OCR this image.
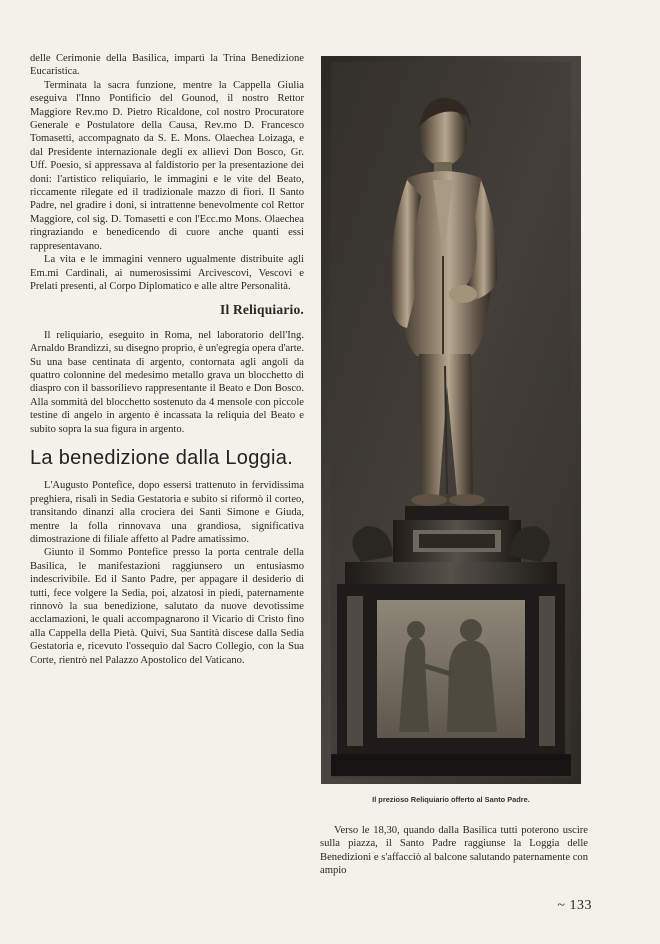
delle Cerimonie della Basilica, impartì la Trina Benedizione Eucaristica.

Terminata la sacra funzione, mentre la Cappella Giulia eseguiva l'Inno Pontificio del Gounod, il nostro Rettor Maggiore Rev.mo D. Pietro Ricaldone, col nostro Procuratore Generale e Postulatore della Causa, Rev.mo D. Francesco Tomasetti, accompagnato da S. E. Mons. Olaechea Loizaga, e dal Presidente internazionale degli ex allievi Don Bosco, Gr. Uff. Poesio, si appressava al faldistorio per la presentazione dei doni: l'artistico reliquiario, le immagini e le vite del Beato, riccamente rilegate ed il tradizionale mazzo di fiori. Il Santo Padre, nel gradire i doni, si intrattenne benevolmente col Rettor Maggiore, col sig. D. Tomasetti e con l'Ecc.mo Mons. Olaechea ringraziando e benedicendo di cuore anche quanti essi rappresentavano.

La vita e le immagini vennero ugualmente distribuite agli Em.mi Cardinali, ai numerosissimi Arcivescovi, Vescovi e Prelati presenti, al Corpo Diplomatico e alle altre Personalità.

Il Reliquiario.

Il reliquiario, eseguito in Roma, nel laboratorio dell'Ing. Arnaldo Brandizzi, su disegno proprio, è un'egregia opera d'arte. Su una base centinata di argento, contornata agli angoli da quattro colonnine del medesimo metallo grava un blocchetto di diaspro con il bassorilievo rappresentante il Beato e Don Bosco. Alla sommità del blocchetto sostenuto da 4 mensole con piccole testine di angelo in argento è incassata la reliquia del Beato e subito sopra la sua figura in argento.

La benedizione dalla Loggia.

L'Augusto Pontefice, dopo essersi trattenuto in fervidissima preghiera, risalì in Sedia Gestatoria e subito si riformò il corteo, transitando dinanzi alla crociera dei Santi Simone e Giuda, mentre la folla rinnovava una grandiosa, significativa dimostrazione di filiale affetto al Padre amatissimo.

Giunto il Sommo Pontefice presso la porta centrale della Basilica, le manifestazioni raggiunsero un entusiasmo indescrivibile. Ed il Santo Padre, per appagare il desiderio di tutti, fece volgere la Sedia, poi, alzatosi in piedi, paternamente rinnovò la sua benedizione, salutato da nuove devotissime acclamazioni, le quali accompagnarono il Vicario di Cristo fino alla Cappella della Pietà. Quivi, Sua Santità discese dalla Sedia Gestatoria e, ricevuto l'ossequio dal Sacro Collegio, con la Sua Corte, rientrò nel Palazzo Apostolico del Vaticano.

Il prezioso Reliquiario offerto al Santo Padre.

Verso le 18,30, quando dalla Basilica tutti poterono uscire sulla piazza, il Santo Padre raggiunse la Loggia delle Benedizioni e s'affacciò al balcone salutando paternamente con ampio

~ 133
